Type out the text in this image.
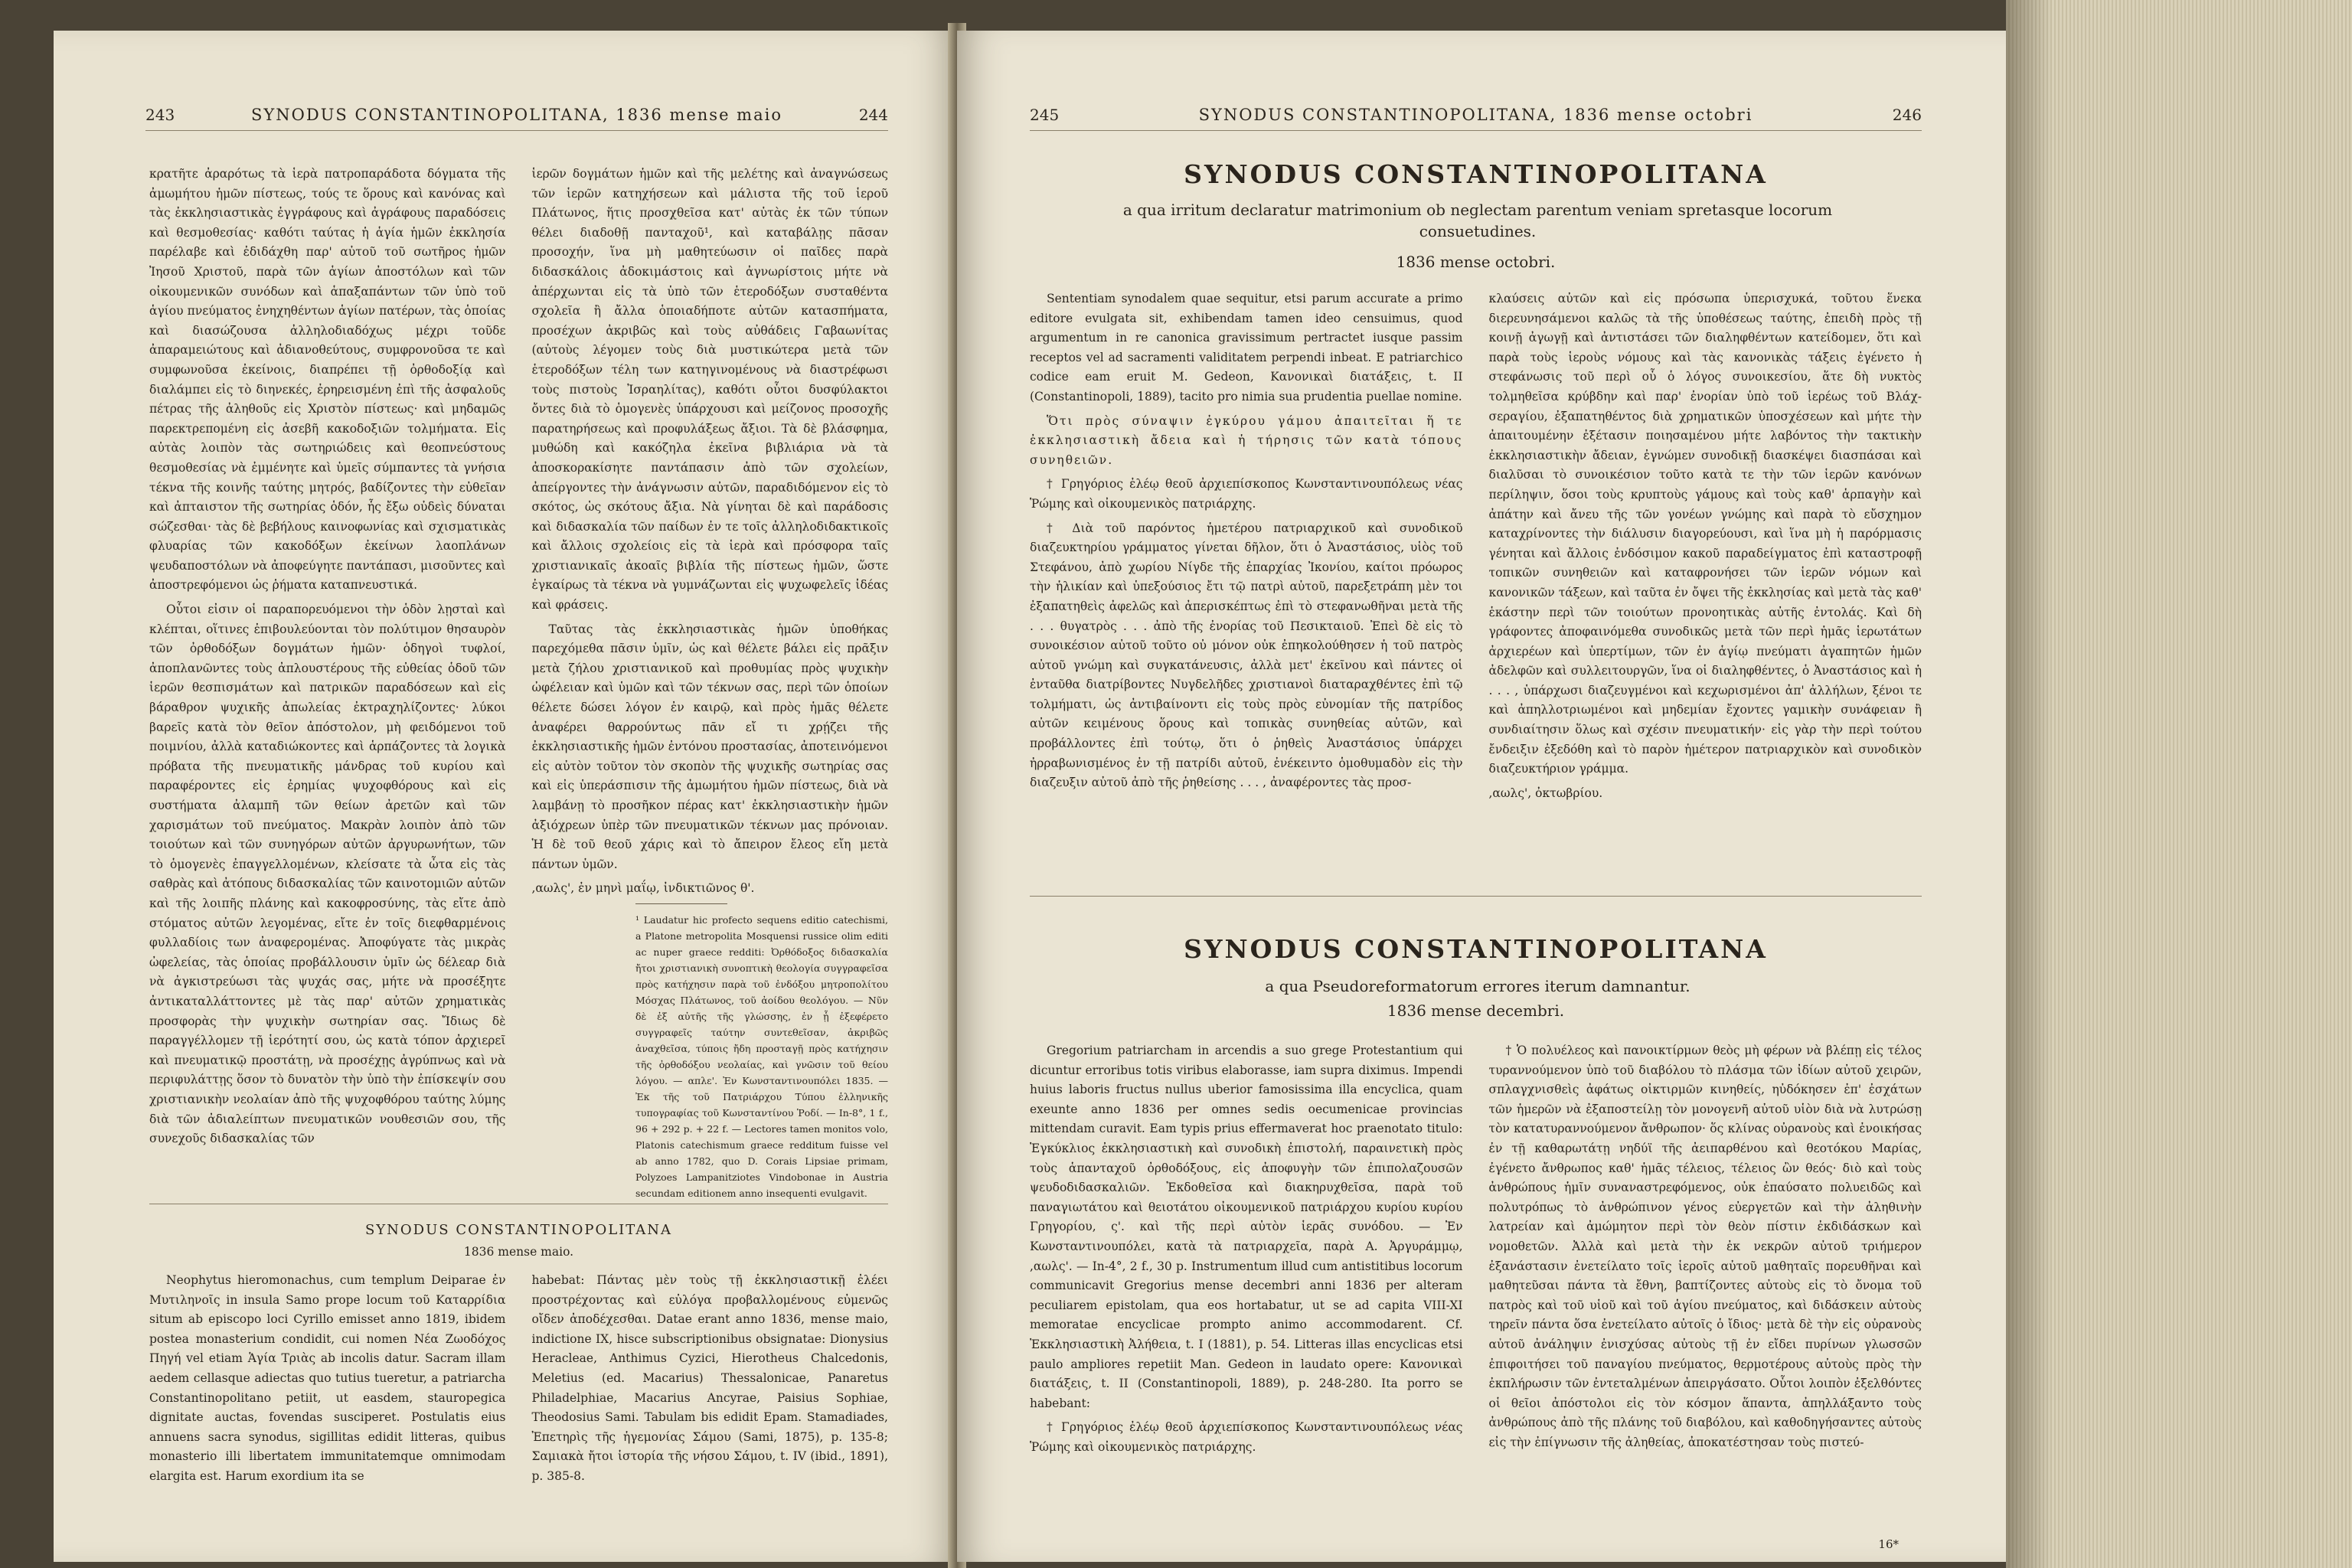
243	SYNODUS CONSTANTINOPOLITANA, 1836 mense maio	244

κρατῆτε ἀραρότως τὰ ἱερὰ πατροπαράδοτα δόγματα τῆς ἀμωμήτου ἡμῶν πίστεως, τούς τε ὅρους καὶ κανόνας καὶ τὰς ἐκκλησιαστικὰς ἐγγράφους καὶ ἀγράφους παραδόσεις καὶ θεσμοθεσίας· καθότι ταύτας ἡ ἁγία ἡμῶν ἐκκλησία παρέλαβε καὶ ἐδιδάχθη παρ' αὐτοῦ τοῦ σωτῆρος ἡμῶν Ἰησοῦ Χριστοῦ, παρὰ τῶν ἁγίων ἀποστόλων καὶ τῶν οἰκουμενικῶν συνόδων καὶ ἁπαξαπάντων τῶν ὑπὸ τοῦ ἁγίου πνεύματος ἐνηχηθέντων ἁγίων πατέρων, τὰς ὁποίας καὶ διασώζουσα ἀλληλοδιαδόχως μέχρι τοῦδε ἀπαραμειώτους καὶ ἀδιανοθεύτους, συμφρονοῦσα τε καὶ συμφωνοῦσα ἐκείνοις, διαπρέπει τῇ ὀρθοδοξίᾳ καὶ διαλάμπει εἰς τὸ διηνεκές, ἐρηρεισμένη ἐπὶ τῆς ἀσφαλοῦς πέτρας τῆς ἀληθοῦς εἰς Χριστὸν πίστεως· καὶ μηδαμῶς παρεκτρεπομένη εἰς ἀσεβῆ κακοδοξιῶν τολμήματα. Εἰς αὐτὰς λοιπὸν τὰς σωτηριώδεις καὶ θεοπνεύστους θεσμοθεσίας νὰ ἐμμένητε καὶ ὑμεῖς σύμπαντες τὰ γνήσια τέκνα τῆς κοινῆς ταύτης μητρός, βαδίζοντες τὴν εὐθεῖαν καὶ ἀπταιστον τῆς σωτηρίας ὁδόν, ἧς ἔξω οὐδεὶς δύναται σώζεσθαι· τὰς δὲ βεβήλους καινοφωνίας καὶ σχισματικὰς φλυαρίας τῶν κακοδόξων ἐκείνων λαοπλάνων ψευδαποστόλων νὰ ἀποφεύγητε παντάπασι, μισοῦντες καὶ ἀποστρεφόμενοι ὡς ῥήματα καταπνευστικά.

Οὗτοι εἰσιν οἱ παραπορευόμενοι τὴν ὁδὸν λῃσταὶ καὶ κλέπται, οἵτινες ἐπιβουλεύονται τὸν πολύτιμον θησαυρὸν τῶν ὀρθοδόξων δογμάτων ἡμῶν· ὁδηγοὶ τυφλοί, ἀποπλανῶντες τοὺς ἀπλουστέρους τῆς εὐθείας ὁδοῦ τῶν ἱερῶν θεσπισμάτων καὶ πατρικῶν παραδόσεων καὶ εἰς βάραθρον ψυχικῆς ἀπωλείας ἐκτραχηλίζοντες· λύκοι βαρεῖς κατὰ τὸν θεῖον ἀπόστολον, μὴ φειδόμενοι τοῦ ποιμνίου, ἀλλὰ καταδιώκοντες καὶ ἁρπάζοντες τὰ λογικὰ πρόβατα τῆς πνευματικῆς μάνδρας τοῦ κυρίου καὶ παραφέροντες εἰς ἐρημίας ψυχοφθόρους καὶ εἰς συστήματα ἀλαμπῆ τῶν θείων ἀρετῶν καὶ τῶν χαρισμάτων τοῦ πνεύματος. Μακρὰν λοιπὸν ἀπὸ τῶν τοιούτων καὶ τῶν συνηγόρων αὐτῶν ἀργυρωνήτων, τῶν τὸ ὁμογενὲς ἐπαγγελλομένων, κλείσατε τὰ ὦτα εἰς τὰς σαθρὰς καὶ ἀτόπους διδασκαλίας τῶν καινοτομιῶν αὐτῶν καὶ τῆς λοιπῆς πλάνης καὶ κακοφροσύνης, τὰς εἴτε ἀπὸ στόματος αὐτῶν λεγομένας, εἴτε ἐν τοῖς διεφθαρμένοις φυλλαδίοις των ἀναφερομένας. Ἀποφύγατε τὰς μικρὰς ὠφελείας, τὰς ὁποίας προβάλλουσιν ὑμῖν ὡς δέλεαρ διὰ νὰ ἀγκιστρεύωσι τὰς ψυχάς σας, μήτε νὰ προσέξητε ἀντικαταλλάττοντες μὲ τὰς παρ' αὐτῶν χρηματικὰς προσφορὰς τὴν ψυχικὴν σωτηρίαν σας. Ἴδιως δὲ παραγγέλλομεν τῇ ἱερότητί σου, ὡς κατὰ τόπον ἀρχιερεῖ καὶ πνευματικῷ προστάτῃ, νὰ προσέχῃς ἀγρύπνως καὶ νὰ περιφυλάττῃς ὅσον τὸ δυνατὸν τὴν ὑπὸ τὴν ἐπίσκεψίν σου χριστιανικὴν νεολαίαν ἀπὸ τῆς ψυχοφθόρου ταύτης λύμης διὰ τῶν ἀδιαλείπτων πνευματικῶν νουθεσιῶν σου, τῆς συνεχοῦς διδασκαλίας τῶν

ἱερῶν δογμάτων ἡμῶν καὶ τῆς μελέτης καὶ ἀναγνώσεως τῶν ἱερῶν κατηχήσεων καὶ μάλιστα τῆς τοῦ ἱεροῦ Πλάτωνος, ἥτις προσχθεῖσα κατ' αὐτὰς ἐκ τῶν τύπων θέλει διαδοθῇ πανταχοῦ¹, καὶ καταβάλῃς πᾶσαν προσοχήν, ἵνα μὴ μαθητεύωσιν οἱ παῖδες παρὰ διδασκάλοις ἀδοκιμάστοις καὶ ἀγνωρίστοις μήτε νὰ ἀπέρχωνται εἰς τὰ ὑπὸ τῶν ἑτεροδόξων συσταθέντα σχολεῖα ἢ ἄλλα ὁποιαδήποτε αὐτῶν κατασπήματα, προσέχων ἀκριβῶς καὶ τοὺς αὐθάδεις Γαβαωνίτας (αὐτοὺς λέγομεν τοὺς διὰ μυστικώτερα μετὰ τῶν ἑτεροδόξων τέλη των κατηγινομένους νὰ διαστρέφωσι τοὺς πιστοὺς Ἰσραηλίτας), καθότι οὗτοι δυσφύλακτοι ὄντες διὰ τὸ ὁμογενὲς ὑπάρχουσι καὶ μείζονος προσοχῆς παρατηρήσεως καὶ προφυλάξεως ἄξιοι. Τὰ δὲ βλάσφημα, μυθώδη καὶ κακόζηλα ἐκεῖνα βιβλιάρια νὰ τὰ ἀποσκορακίσητε παντάπασιν ἀπὸ τῶν σχολείων, ἀπείργοντες τὴν ἀνάγνωσιν αὐτῶν, παραδιδόμενον εἰς τὸ σκότος, ὡς σκότους ἄξια. Νὰ γίνηται δὲ καὶ παράδοσις καὶ διδασκαλία τῶν παίδων ἐν τε τοῖς ἀλληλοδιδακτικοῖς καὶ ἄλλοις σχολείοις εἰς τὰ ἱερὰ καὶ πρόσφορα ταῖς χριστιανικαῖς ἀκοαῖς βιβλία τῆς πίστεως ἡμῶν, ὥστε ἐγκαίρως τὰ τέκνα νὰ γυμνάζωνται εἰς ψυχωφελεῖς ἰδέας καὶ φράσεις.

Ταῦτας τὰς ἐκκλησιαστικὰς ἡμῶν ὑποθήκας παρεχόμεθα πᾶσιν ὑμῖν, ὡς καὶ θέλετε βάλει εἰς πρᾶξιν μετὰ ζήλου χριστιανικοῦ καὶ προθυμίας πρὸς ψυχικὴν ὠφέλειαν καὶ ὑμῶν καὶ τῶν τέκνων σας, περὶ τῶν ὁποίων θέλετε δώσει λόγον ἐν καιρῷ, καὶ πρὸς ἡμᾶς θέλετε ἀναφέρει θαρρούντως πᾶν εἴ τι χρῄζει τῆς ἐκκλησιαστικῆς ἡμῶν ἐντόνου προστασίας, ἀποτεινόμενοι εἰς αὐτὸν τοῦτον τὸν σκοπὸν τῆς ψυχικῆς σωτηρίας σας καὶ εἰς ὑπεράσπισιν τῆς ἀμωμήτου ἡμῶν πίστεως, διὰ νὰ λαμβάνῃ τὸ προσῆκον πέρας κατ' ἐκκλησιαστικὴν ἡμῶν ἀξιόχρεων ὑπὲρ τῶν πνευματικῶν τέκνων μας πρόνοιαν. Ἡ δὲ τοῦ θεοῦ χάρις καὶ τὸ ἄπειρον ἔλεος εἴη μετὰ πάντων ὑμῶν.

,αωλς', ἐν μηνὶ μαΐῳ, ἰνδικτιῶνος θ'.

¹ Laudatur hic profecto sequens editio catechismi, a Platone metropolita Mosquensi russice olim editi ac nuper graece redditi: Ὀρθόδοξος διδασκαλία ἤτοι χριστιανικὴ συνοπτικὴ θεολογία συγγραφεῖσα πρὸς κατήχησιν παρὰ τοῦ ἐνδόξου μητροπολίτου Μόσχας Πλάτωνος, τοῦ ἀοίδου θεολόγου. — Νῦν δὲ ἐξ αὐτῆς τῆς γλώσσης, ἐν ᾗ ἐξεφέρετο συγγραφεῖς ταύτην συντεθεῖσαν, ἀκριβῶς ἀναχθεῖσα, τύποις ἤδη προσταγῇ πρὸς κατήχησιν τῆς ὀρθοδόξου νεολαίας, καὶ γνῶσιν τοῦ θείου λόγου. — απλε'. Ἐν Κωνσταντινουπόλει 1835. — Ἐκ τῆς τοῦ Πατριάρχου Τύπου ἑλληνικῆς τυπογραφίας τοῦ Κωνσταντίνου Ῥοδί. — In-8°, 1 f., 96 + 292 p. + 22 f. — Lectores tamen monitos volo, Platonis catechismum graece redditum fuisse vel ab anno 1782, quo D. Corais Lipsiae primam, Polyzoes Lampanitziotes Vindobonae in Austria secundam editionem anno insequenti evulgavit.
SYNODUS CONSTANTINOPOLITANA
1836 mense maio.

Neophytus hieromonachus, cum templum Deiparae ἐν Μυτιληνοῖς in insula Samo prope locum τοῦ Καταρρίδια situm ab episcopo loci Cyrillo emisset anno 1819, ibidem postea monasterium condidit, cui nomen Νέα Ζωοδόχος Πηγή vel etiam Ἁγία Τριὰς ab incolis datur. Sacram illam aedem cellasque adiectas quo tutius tueretur, a patriarcha Constantinopolitano petiit, ut easdem, stauropegica dignitate auctas, fovendas susciperet. Postulatis eius annuens sacra synodus, sigillitas edidit litteras, quibus monasterio illi libertatem immunitatemque omnimodam elargita est. Harum exordium ita se

habebat: Πάντας μὲν τοὺς τῇ ἐκκλησιαστικῇ ἐλέει προστρέχοντας καὶ εὐλόγα προβαλλομένους εὐμενῶς οἴδεν ἀποδέχεσθαι. Datae erant anno 1836, mense maio, indictione IX, hisce subscriptionibus obsignatae: Dionysius Heracleae, Anthimus Cyzici, Hierotheus Chalcedonis, Meletius (ed. Macarius) Thessalonicae, Panaretus Philadelphiae, Macarius Ancyrae, Paisius Sophiae, Theodosius Sami. Tabulam bis edidit Epam. Stamadiades, Ἐπετηρὶς τῆς ἡγεμονίας Σάμου (Sami, 1875), p. 135-8; Σαμιακὰ ἤτοι ἱστορία τῆς νήσου Σάμου, t. IV (ibid., 1891), p. 385-8.

245	SYNODUS CONSTANTINOPOLITANA, 1836 mense octobri	246
SYNODUS CONSTANTINOPOLITANA
a qua irritum declaratur matrimonium ob neglectam parentum veniam spretasque locorum consuetudines.
1836 mense octobri.

Sententiam synodalem quae sequitur, etsi parum accurate a primo editore evulgata sit, exhibendam tamen ideo censuimus, quod argumentum in re canonica gravissimum pertractet iusque passim receptos vel ad sacramenti validitatem perpendi inbeat. E patriarchico codice eam eruit M. Gedeon, Κανονικαὶ διατάξεις, t. II (Constantinopoli, 1889), tacito pro nimia sua prudentia puellae nomine.

Ὅτι πρὸς σύναψιν ἐγκύρου γάμου ἀπαιτεῖται ἥ τε ἐκκλησιαστικὴ ἄδεια καὶ ἡ τήρησις τῶν κατὰ τόπους συνηθειῶν.

† Γρηγόριος ἐλέῳ θεοῦ ἀρχιεπίσκοπος Κωνσταντινουπόλεως νέας Ῥώμης καὶ οἰκουμενικὸς πατριάρχης.

† Διὰ τοῦ παρόντος ἡμετέρου πατριαρχικοῦ καὶ συνοδικοῦ διαζευκτηρίου γράμματος γίνεται δῆλον, ὅτι ὁ Ἀναστάσιος, υἱὸς τοῦ Στεφάνου, ἀπὸ χωρίου Νίγδε τῆς ἐπαρχίας Ἰκονίου, καίτοι πρόωρος τὴν ἡλικίαν καὶ ὑπεξούσιος ἔτι τῷ πατρὶ αὐτοῦ, παρεξετράπη μὲν τοι ἐξαπατηθεὶς ἀφελῶς καὶ ἀπερισκέπτως ἐπὶ τὸ στεφανωθῆναι μετὰ τῆς . . . θυγατρὸς . . . ἀπὸ τῆς ἐνορίας τοῦ Πεσικταιοῦ. Ἐπεὶ δὲ εἰς τὸ συνοικέσιον αὐτοῦ τοῦτο οὐ μόνον οὐκ ἐπηκολούθησεν ἡ τοῦ πατρὸς αὐτοῦ γνώμη καὶ συγκατάνευσις, ἀλλὰ μετ' ἐκεῖνου καὶ πάντες οἱ ἐνταῦθα διατρίβοντες Νυγδελῆδες χριστιανοὶ διαταραχθέντες ἐπὶ τῷ τολμήματι, ὡς ἀντιβαίνοντι εἰς τοὺς πρὸς εὐνομίαν τῆς πατρίδος αὐτῶν κειμένους ὅρους καὶ τοπικὰς συνηθείας αὐτῶν, καὶ προβάλλοντες ἐπὶ τούτῳ, ὅτι ὁ ῥηθεὶς Ἀναστάσιος ὑπάρχει ἠρραβωνισμένος ἐν τῇ πατρίδι αὐτοῦ, ἐνέκειντο ὁμοθυμαδὸν εἰς τὴν διαζευξιν αὐτοῦ ἀπὸ τῆς ῥηθείσης . . . , ἀναφέροντες τὰς προσ-

κλαύσεις αὐτῶν καὶ εἰς πρόσωπα ὑπερισχυκά, τοῦτου ἕνεκα διερευνησάμενοι καλῶς τὰ τῆς ὑποθέσεως ταύτης, ἐπειδὴ πρὸς τῇ κοινῇ ἀγωγῇ καὶ ἀντιστάσει τῶν διαληφθέντων κατείδομεν, ὅτι καὶ παρὰ τοὺς ἱεροὺς νόμους καὶ τὰς κανονικὰς τάξεις ἐγένετο ἡ στεφάνωσις τοῦ περὶ οὗ ὁ λόγος συνοικεσίου, ἅτε δὴ νυκτὸς τολμηθεῖσα κρύβδην καὶ παρ' ἐνορίαν ὑπὸ τοῦ ἱερέως τοῦ Βλάχ-σεραγίου, ἐξαπατηθέντος διὰ χρηματικῶν ὑποσχέσεων καὶ μήτε τὴν ἀπαιτουμένην ἐξέτασιν ποιησαμένου μήτε λαβόντος τὴν τακτικὴν ἐκκλησιαστικὴν ἄδειαν, ἐγνώμεν συνοδικῇ διασκέψει διασπάσαι καὶ διαλῦσαι τὸ συνοικέσιον τοῦτο κατὰ τε τὴν τῶν ἱερῶν κανόνων περίληψιν, ὅσοι τοὺς κρυπτοὺς γάμους καὶ τοὺς καθ' ἁρπαγὴν καὶ ἀπάτην καὶ ἄνευ τῆς τῶν γονέων γνώμης καὶ παρὰ τὸ εὔσχημον καταχρίνοντες τὴν διάλυσιν διαγορεύουσι, καὶ ἵνα μὴ ἡ παρόρμασις γένηται καὶ ἄλλοις ἐνδόσιμον κακοῦ παραδείγματος ἐπὶ καταστροφῇ τοπικῶν συνηθειῶν καὶ καταφρονήσει τῶν ἱερῶν νόμων καὶ κανονικῶν τάξεων, καὶ ταῦτα ἐν ὄψει τῆς ἐκκλησίας καὶ μετὰ τὰς καθ' ἑκάστην περὶ τῶν τοιούτων προνοητικὰς αὐτῆς ἐντολάς. Καὶ δὴ γράφοντες ἀποφαινόμεθα συνοδικῶς μετὰ τῶν περὶ ἡμᾶς ἱερωτάτων ἀρχιερέων καὶ ὑπερτίμων, τῶν ἐν ἁγίῳ πνεύματι ἀγαπητῶν ἡμῶν ἀδελφῶν καὶ συλλειτουργῶν, ἵνα οἱ διαληφθέντες, ὁ Ἀναστάσιος καὶ ἡ . . . , ὑπάρχωσι διαζευγμένοι καὶ κεχωρισμένοι ἀπ' ἀλλήλων, ξένοι τε καὶ ἀπηλλοτριωμένοι καὶ μηδεμίαν ἔχοντες γαμικὴν συνάφειαν ἢ συνδιαίτησιν ὅλως καὶ σχέσιν πνευματικήν· εἰς γὰρ τὴν περὶ τούτου ἔνδειξιν ἐξεδόθη καὶ τὸ παρὸν ἡμέτερον πατριαρχικὸν καὶ συνοδικὸν διαζευκτήριον γράμμα.

,αωλς', ὀκτωβρίου.

SYNODUS CONSTANTINOPOLITANA
a qua Pseudoreformatorum errores iterum damnantur.
1836 mense decembri.

Gregorium patriarcham in arcendis a suo grege Protestantium qui dicuntur erroribus totis viribus elaborasse, iam supra diximus. Impendi huius laboris fructus nullus uberior famosissima illa encyclica, quam exeunte anno 1836 per omnes sedis oecumenicae provincias mittendam curavit. Eam typis prius effermaverat hoc praenotato titulo: Ἐγκύκλιος ἐκκλησιαστικὴ καὶ συνοδικὴ ἐπιστολή, παραινετικὴ πρὸς τοὺς ἁπανταχοῦ ὀρθοδόξους, εἰς ἀποφυγὴν τῶν ἐπιπολαζουσῶν ψευδοδιδασκαλιῶν. Ἐκδοθεῖσα καὶ διακηρυχθεῖσα, παρὰ τοῦ παναγιωτάτου καὶ θειοτάτου οἰκουμενικοῦ πατριάρχου κυρίου κυρίου Γρηγορίου, ς'. καὶ τῆς περὶ αὐτὸν ἱερᾶς συνόδου. — Ἐν Κωνσταντινουπόλει, κατὰ τὰ πατριαρχεῖα, παρὰ Α. Ἀργυράμμῳ, ,αωλς'. — In-4°, 2 f., 30 p. Instrumentum illud cum antistitibus locorum communicavit Gregorius mense decembri anni 1836 per alteram peculiarem epistolam, qua eos hortabatur, ut se ad capita VIII-XI memoratae encyclicae prompto animo accommodarent. Cf. Ἐκκλησιαστικὴ Ἀλήθεια, t. I (1881), p. 54. Litteras illas encyclicas etsi paulo ampliores repetiit Man. Gedeon in laudato opere: Κανονικαὶ διατάξεις, t. II (Constantinopoli, 1889), p. 248-280. Ita porro se habebant:

† Γρηγόριος ἐλέῳ θεοῦ ἀρχιεπίσκοπος Κωνσταντινουπόλεως νέας Ῥώμης καὶ οἰκουμενικὸς πατριάρχης.

† Ὁ πολυέλεος καὶ πανοικτίρμων θεὸς μὴ φέρων νὰ βλέπῃ εἰς τέλος τυραννούμενον ὑπὸ τοῦ διαβόλου τὸ πλάσμα τῶν ἰδίων αὐτοῦ χειρῶν, σπλαγχνισθεὶς ἀφάτως οἰκτιρμῶν κινηθείς, ηὐδόκησεν ἐπ' ἐσχάτων τῶν ἡμερῶν νὰ ἐξαποστείλῃ τὸν μονογενῆ αὐτοῦ υἱὸν διὰ νὰ λυτρώσῃ τὸν κατατυραννούμενον ἄνθρωπον· ὅς κλίνας οὐρανοὺς καὶ ἐνοικήσας ἐν τῇ καθαρωτάτῃ νηδύϊ τῆς ἀειπαρθένου καὶ θεοτόκου Μαρίας, ἐγένετο ἄνθρωπος καθ' ἡμᾶς τέλειος, τέλειος ὢν θεός· διὸ καὶ τοὺς ἀνθρώπους ἡμῖν συναναστρεφόμενος, οὐκ ἐπαύσατο πολυειδῶς καὶ πολυτρόπως τὸ ἀνθρώπινον γένος εὐεργετῶν καὶ τὴν ἀληθινὴν λατρείαν καὶ ἀμώμητον περὶ τὸν θεὸν πίστιν ἐκδιδάσκων καὶ νομοθετῶν. Ἀλλὰ καὶ μετὰ τὴν ἐκ νεκρῶν αὐτοῦ τριήμερον ἐξανάστασιν ἐνετείλατο τοῖς ἱεροῖς αὐτοῦ μαθηταῖς πορευθῆναι καὶ μαθητεῦσαι πάντα τὰ ἔθνη, βαπτίζοντες αὐτοὺς εἰς τὸ ὄνομα τοῦ πατρὸς καὶ τοῦ υἱοῦ καὶ τοῦ ἁγίου πνεύματος, καὶ διδάσκειν αὐτοὺς τηρεῖν πάντα ὅσα ἐνετείλατο αὐτοῖς ὁ ἴδιος· μετὰ δὲ τὴν εἰς οὐρανοὺς αὐτοῦ ἀνάληψιν ἐνισχύσας αὐτοὺς τῇ ἐν εἴδει πυρίνων γλωσσῶν ἐπιφοιτήσει τοῦ παναγίου πνεύματος, θερμοτέρους αὐτοὺς πρὸς τὴν ἐκπλήρωσιν τῶν ἐντεταλμένων ἀπειργάσατο. Οὗτοι λοιπὸν ἐξελθόντες οἱ θεῖοι ἀπόστολοι εἰς τὸν κόσμον ἅπαντα, ἀπηλλάξαντο τοὺς ἀνθρώπους ἀπὸ τῆς πλάνης τοῦ διαβόλου, καὶ καθοδηγήσαντες αὐτοὺς εἰς τὴν ἐπίγνωσιν τῆς ἀληθείας, ἀποκατέστησαν τοὺς πιστεύ-

16*
